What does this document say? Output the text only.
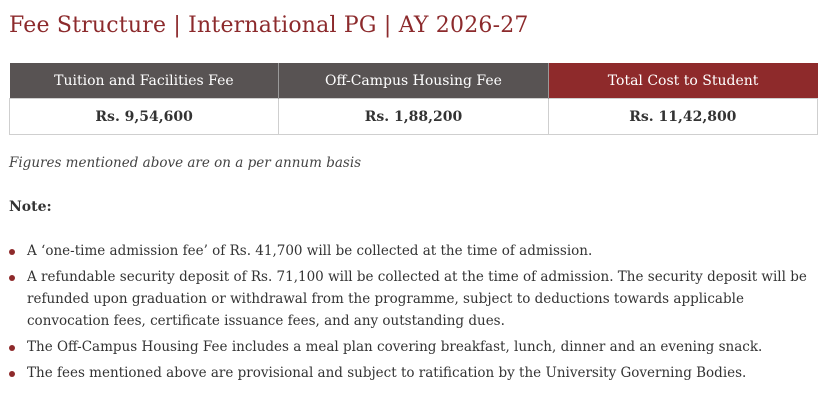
Fee Structure | International PG | AY 2026-27
Tuition and Facilities Fee	Off-Campus Housing Fee	Total Cost to Student
Rs. 9,54,600	Rs. 1,88,200	Rs. 11,42,800

Figures mentioned above are on a per annum basis

Note:

A ‘one-time admission fee’ of Rs. 41,700 will be collected at the time of admission.
A refundable security deposit of Rs. 71,100 will be collected at the time of admission. The security deposit will be refunded upon graduation or withdrawal from the programme, subject to deductions towards applicable convocation fees, certificate issuance fees, and any outstanding dues.
The Off-Campus Housing Fee includes a meal plan covering breakfast, lunch, dinner and an evening snack.
The fees mentioned above are provisional and subject to ratification by the University Governing Bodies.
